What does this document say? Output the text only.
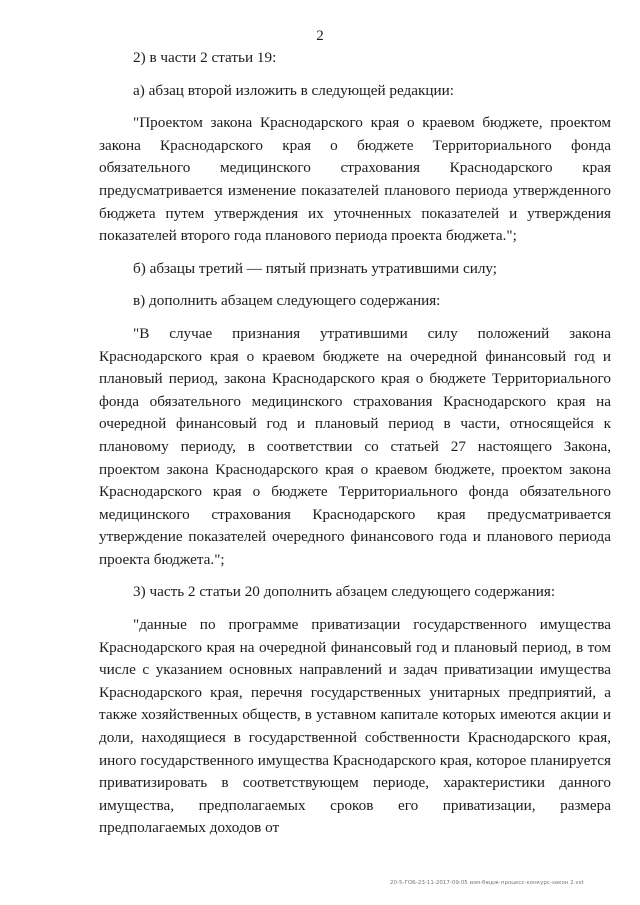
2

2) в части 2 статьи 19:

а) абзац второй изложить в следующей редакции:

"Проектом закона Краснодарского края о краевом бюджете, проектом закона Краснодарского края о бюджете Территориального фонда обязательного медицинского страхования Краснодарского края предусматривается изменение показателей планового периода утвержденного бюджета путем утверждения их уточненных показателей и утверждения показателей второго года планового периода проекта бюджета.";

б) абзацы третий — пятый признать утратившими силу;

в) дополнить абзацем следующего содержания:

"В случае признания утратившими силу положений закона Краснодарского края о краевом бюджете на очередной финансовый год и плановый период, закона Краснодарского края о бюджете Территориального фонда обязательного медицинского страхования Краснодарского края на очередной финансовый год и плановый период в части, относящейся к плановому периоду, в соответствии со статьей 27 настоящего Закона, проектом закона Краснодарского края о краевом бюджете, проектом закона Краснодарского края о бюджете Территориального фонда обязательного медицинского страхования Краснодарского края предусматривается утверждение показателей очередного финансового года и планового периода проекта бюджета.";

3) часть 2 статьи 20 дополнить абзацем следующего содержания:

"данные по программе приватизации государственного имущества Краснодарского края на очередной финансовый год и плановый период, в том числе с указанием основных направлений и задач приватизации имущества Краснодарского края, перечня государственных унитарных предприятий, а также хозяйственных обществ, в уставном капитале которых имеются акции и доли, находящиеся в государственной собственности Краснодарского края, иного государственного имущества Краснодарского края, которое планируется приватизировать в соответствующем периоде, характеристики данного имущества, предполагаемых сроков его приватизации, размера предполагаемых доходов от

20-5-ГОБ-23-11-2017-09:05 изм-бюдж-процесс-конкурс-закон 2.vst
